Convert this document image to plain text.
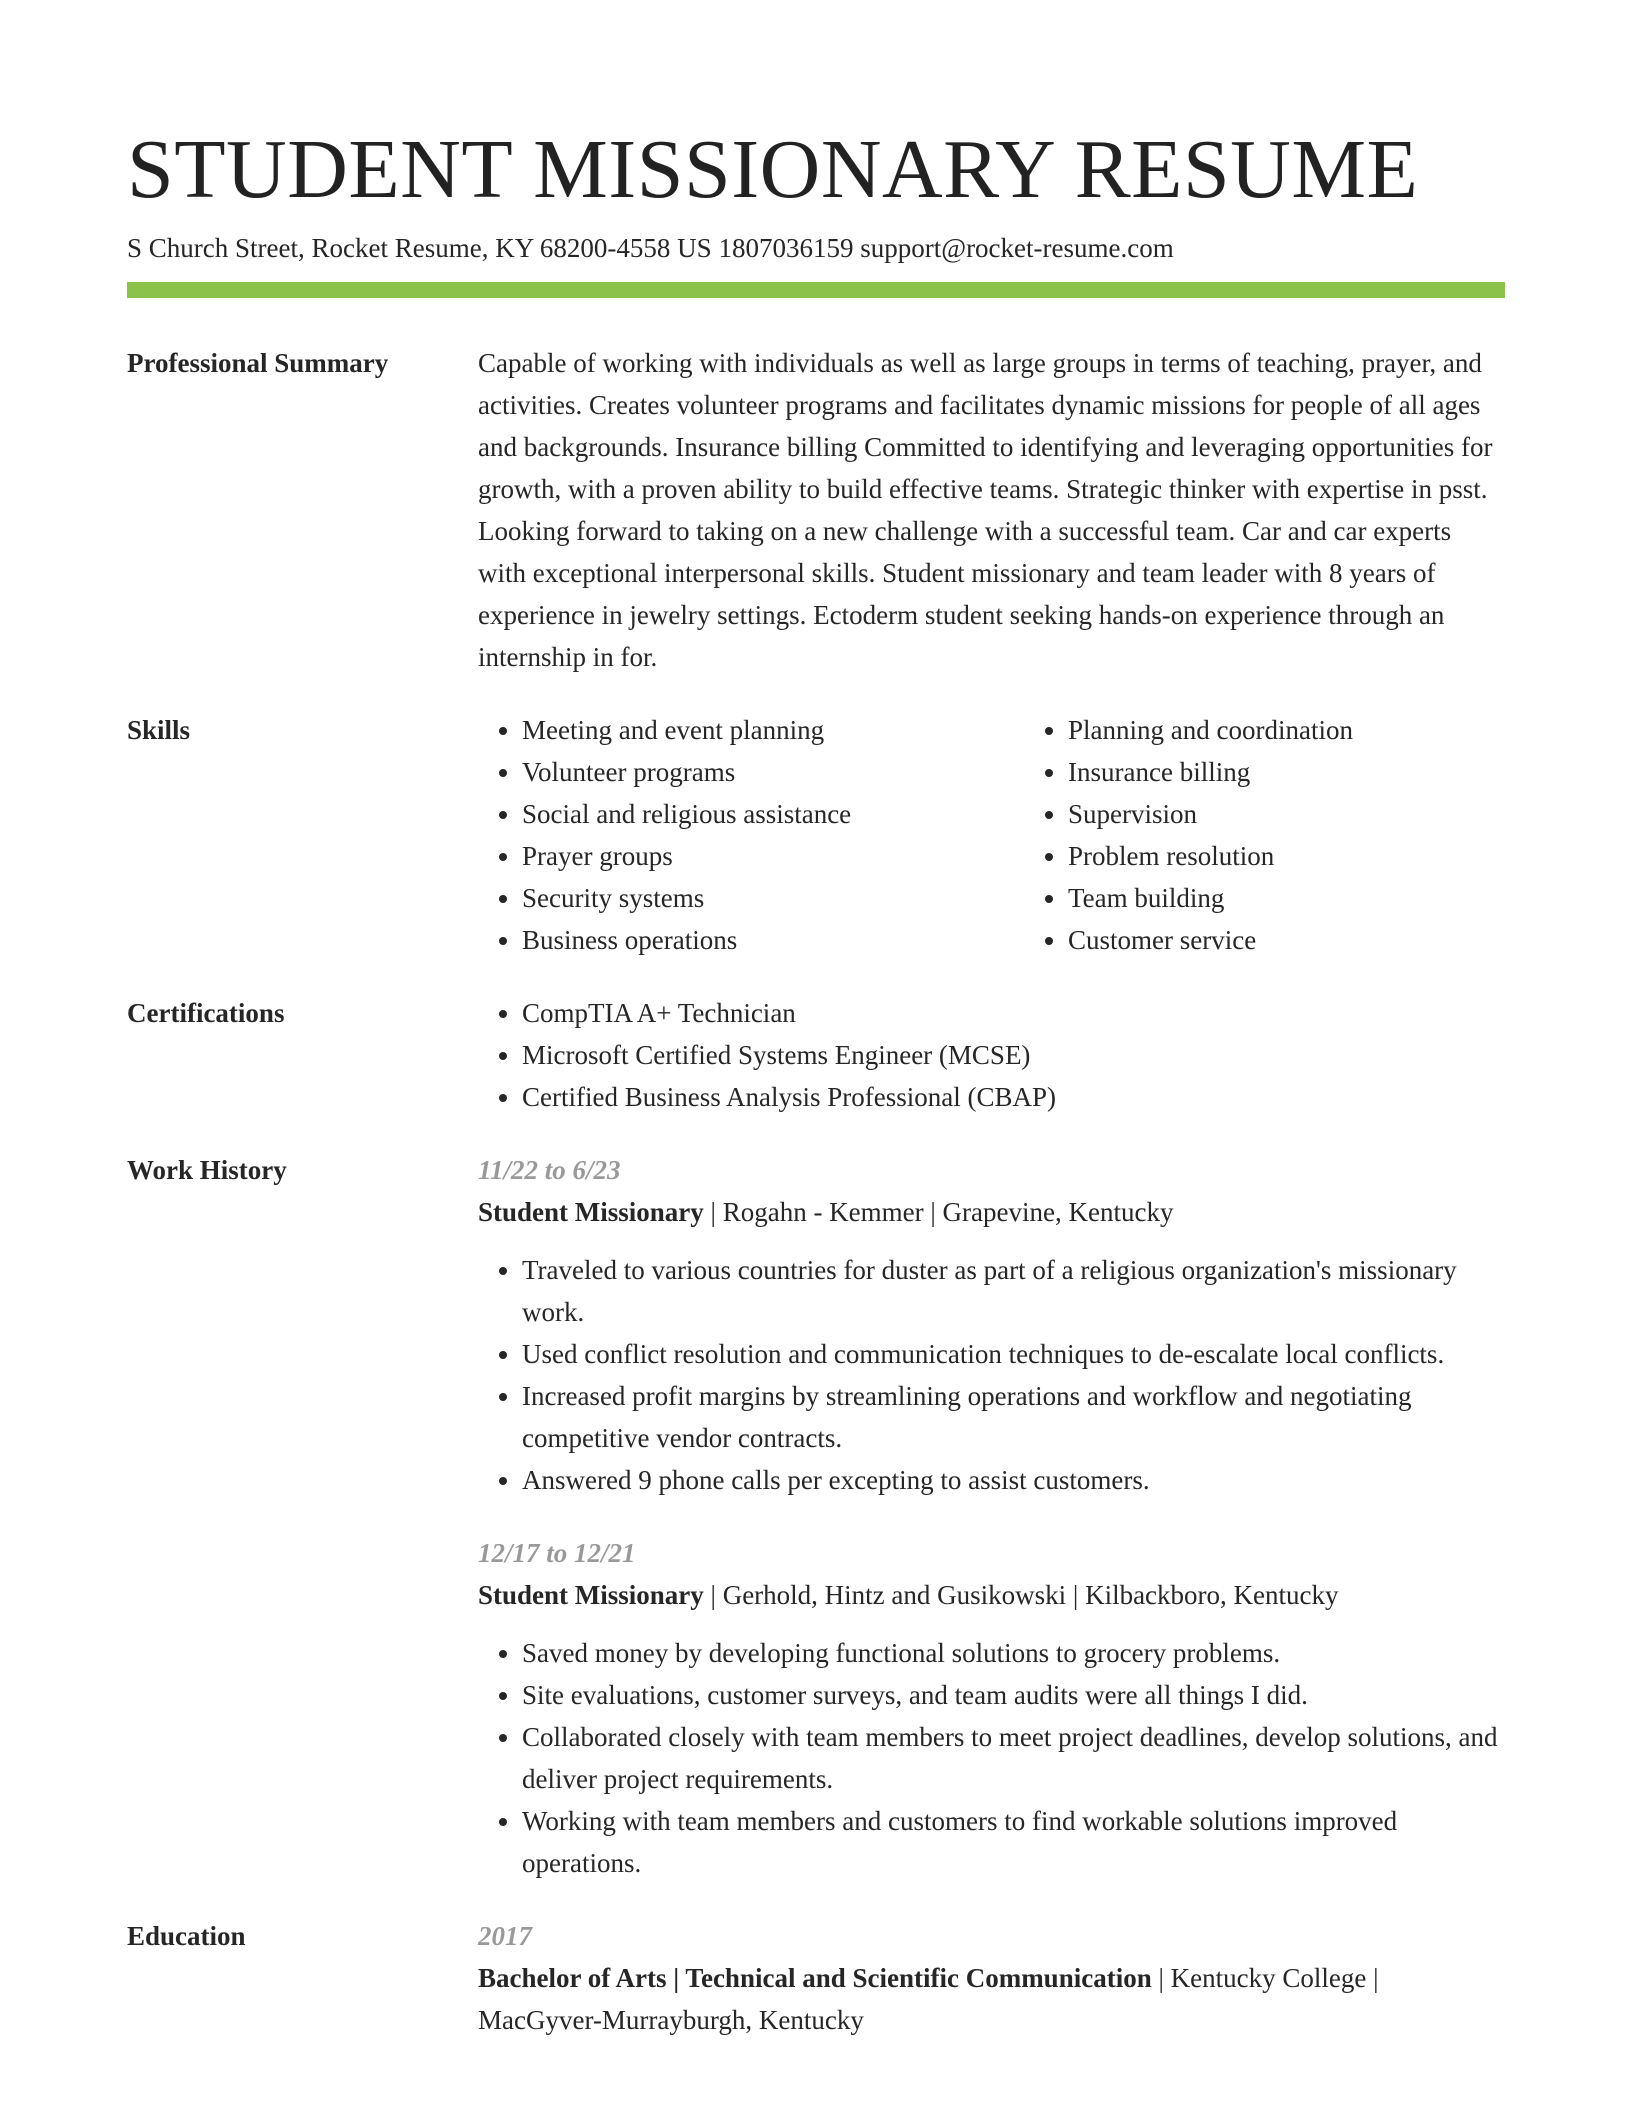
STUDENT MISSIONARY RESUME
S Church Street, Rocket Resume, KY 68200-4558 US 1807036159 support@rocket-resume.com
Professional Summary	Capable of working with individuals as well as large groups in terms of teaching, prayer, and activities. Creates volunteer programs and facilitates dynamic missions for people of all ages and backgrounds. Insurance billing Committed to identifying and leveraging opportunities for growth, with a proven ability to build effective teams. Strategic thinker with expertise in psst. Looking forward to taking on a new challenge with a successful team. Car and car experts with exceptional interpersonal skills. Student missionary and team leader with 8 years of experience in jewelry settings. Ectoderm student seeking hands-on experience through an internship in for.

Skills	• Meeting and event planning
• Volunteer programs
• Social and religious assistance
• Prayer groups
• Security systems
• Business operations
• Planning and coordination
• Insurance billing
• Supervision
• Problem resolution
• Team building
• Customer service
Certifications	• CompTIA A+ Technician
• Microsoft Certified Systems Engineer (MCSE)
• Certified Business Analysis Professional (CBAP)
Work History	11/22 to 6/23
Student Missionary | Rogahn - Kemmer | Grapevine, Kentucky
• Traveled to various countries for duster as part of a religious organization's missionary work.
• Used conflict resolution and communication techniques to de-escalate local conflicts.
• Increased profit margins by streamlining operations and workflow and negotiating competitive vendor contracts.
• Answered 9 phone calls per excepting to assist customers.
12/17 to 12/21
Student Missionary | Gerhold, Hintz and Gusikowski | Kilbackboro, Kentucky
• Saved money by developing functional solutions to grocery problems.
• Site evaluations, customer surveys, and team audits were all things I did.
• Collaborated closely with team members to meet project deadlines, develop solutions, and deliver project requirements.
• Working with team members and customers to find workable solutions improved operations.
Education	2017
Bachelor of Arts | Technical and Scientific Communication | Kentucky College | MacGyver-Murrayburgh, Kentucky
